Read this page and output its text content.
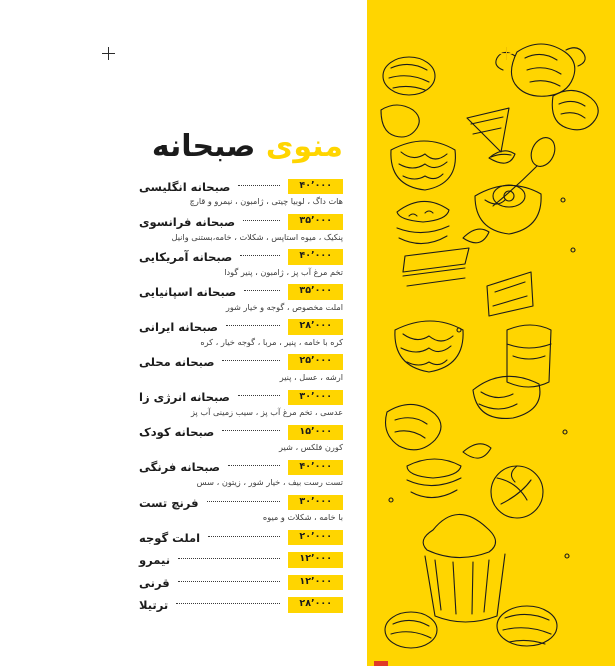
منوی صبحانه
صبحانه انگلیسی	۴۰٬۰۰۰
هات داگ ، لوبیا چیتی ، ژامبون ، نیمرو و قارچ
صبحانه فرانسوی	۳۵٬۰۰۰
پنکیک ، میوه استاپس ، شکلات ، خامه،بستنی وانیل
صبحانه آمریکایی	۴۰٬۰۰۰
تخم مرغ آب پز ، ژامبون ، پنیر گودا
صبحانه اسپانیایی	۳۵٬۰۰۰
املت مخصوص ، گوجه و خیار شور
صبحانه ایرانی	۲۸٬۰۰۰
کره با خامه ، پنیر ، مربا ، گوجه خیار ، کره
صبحانه محلی	۲۵٬۰۰۰
ارشه ، عسل ، پنیر
صبحانه انرژی زا	۳۰٬۰۰۰
عدسی ، تخم مرغ آب پز ، سیب زمینی آب پز
صبحانه کودک	۱۵٬۰۰۰
کورن فلکس ، شیر
صبحانه فرنگی	۴۰٬۰۰۰
تست رست بیف ، خیار شور ، زیتون ، سس
فرنچ تست	۳۰٬۰۰۰
با خامه ، شکلات و میوه
املت گوجه	۲۰٬۰۰۰
نیمرو	۱۲٬۰۰۰
قرنی	۱۲٬۰۰۰
ترتیلا	۲۸٬۰۰۰
